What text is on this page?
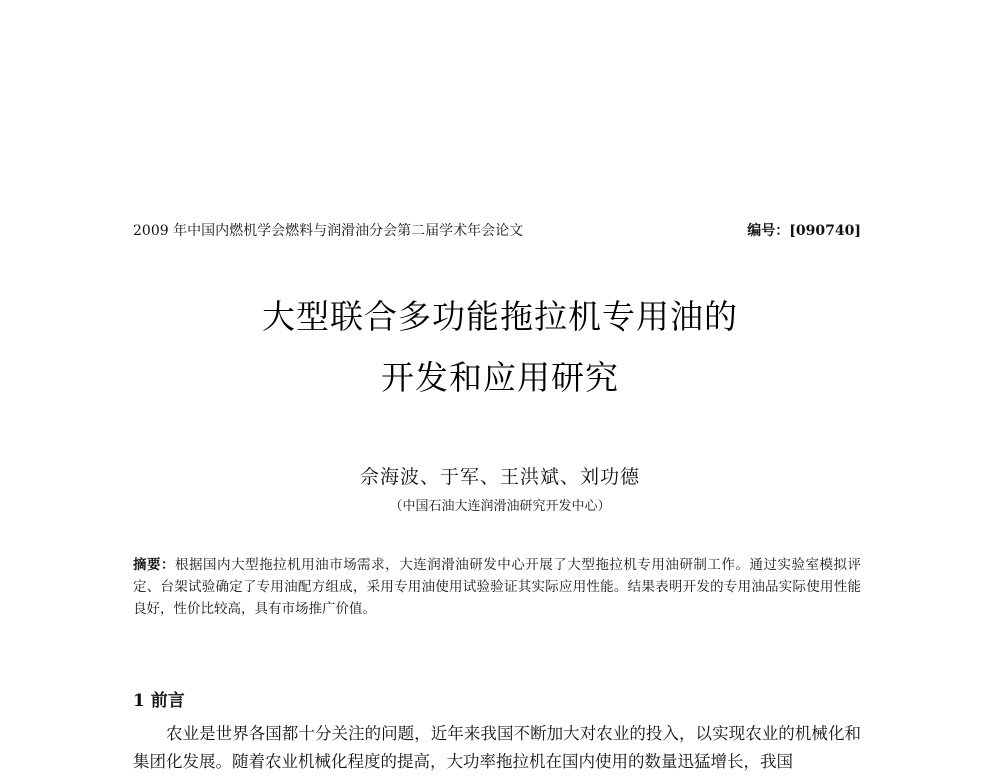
2009 年中国内燃机学会燃料与润滑油分会第二届学术年会论文	编号：[090740]
大型联合多功能拖拉机专用油的
开发和应用研究
佘海波、于军、王洪斌、刘功德
（中国石油大连润滑油研究开发中心）
摘要：根据国内大型拖拉机用油市场需求，大连润滑油研发中心开展了大型拖拉机专用油研制工作。通过实验室模拟评定、台架试验确定了专用油配方组成，采用专用油使用试验验证其实际应用性能。结果表明开发的专用油品实际使用性能良好，性价比较高，具有市场推广价值。
1 前言
农业是世界各国都十分关注的问题，近年来我国不断加大对农业的投入，以实现农业的机械化和集团化发展。随着农业机械化程度的提高，大功率拖拉机在国内使用的数量迅猛增长，我国
